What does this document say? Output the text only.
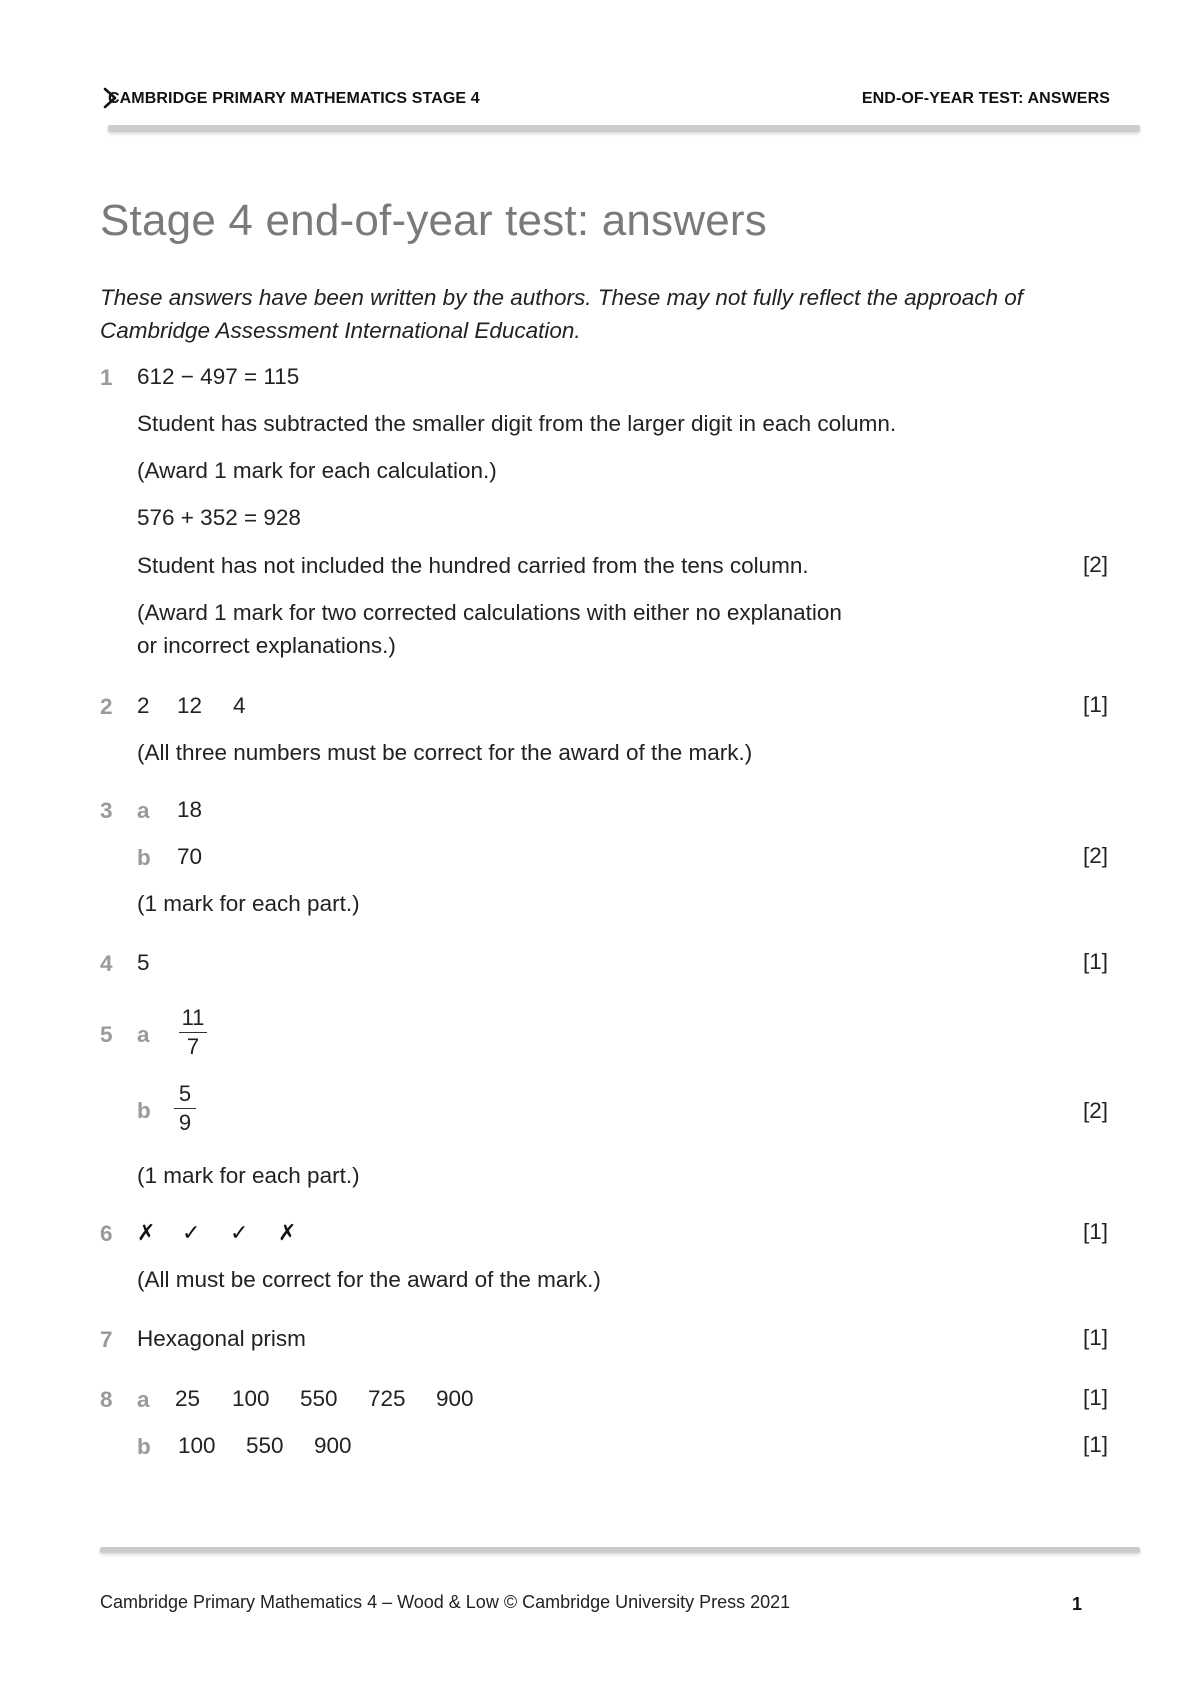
CAMBRIDGE PRIMARY MATHEMATICS STAGE 4	END-OF-YEAR TEST: ANSWERS
Stage 4 end-of-year test: answers
These answers have been written by the authors. These may not fully reflect the approach of Cambridge Assessment International Education.
1 612 − 497 = 115
Student has subtracted the smaller digit from the larger digit in each column.
(Award 1 mark for each calculation.)
576 + 352 = 928
Student has not included the hundred carried from the tens column.	[2]
(Award 1 mark for two corrected calculations with either no explanation
or incorrect explanations.)
2 2 12 4	[1]
(All three numbers must be correct for the award of the mark.)
3 a 18
b 70	[2]
(1 mark for each part.)
4 5	[1]
5 a $\frac{11}{7}$
b $\frac{5}{9}$	[2]
(1 mark for each part.)
6 ✗ ✓ ✓ ✗	[1]
(All must be correct for the award of the mark.)
7 Hexagonal prism	[1]
8 a 25 100 550 725 900	[1]
b 100 550 900	[1]
Cambridge Primary Mathematics 4 – Wood & Low © Cambridge University Press 2021	1
